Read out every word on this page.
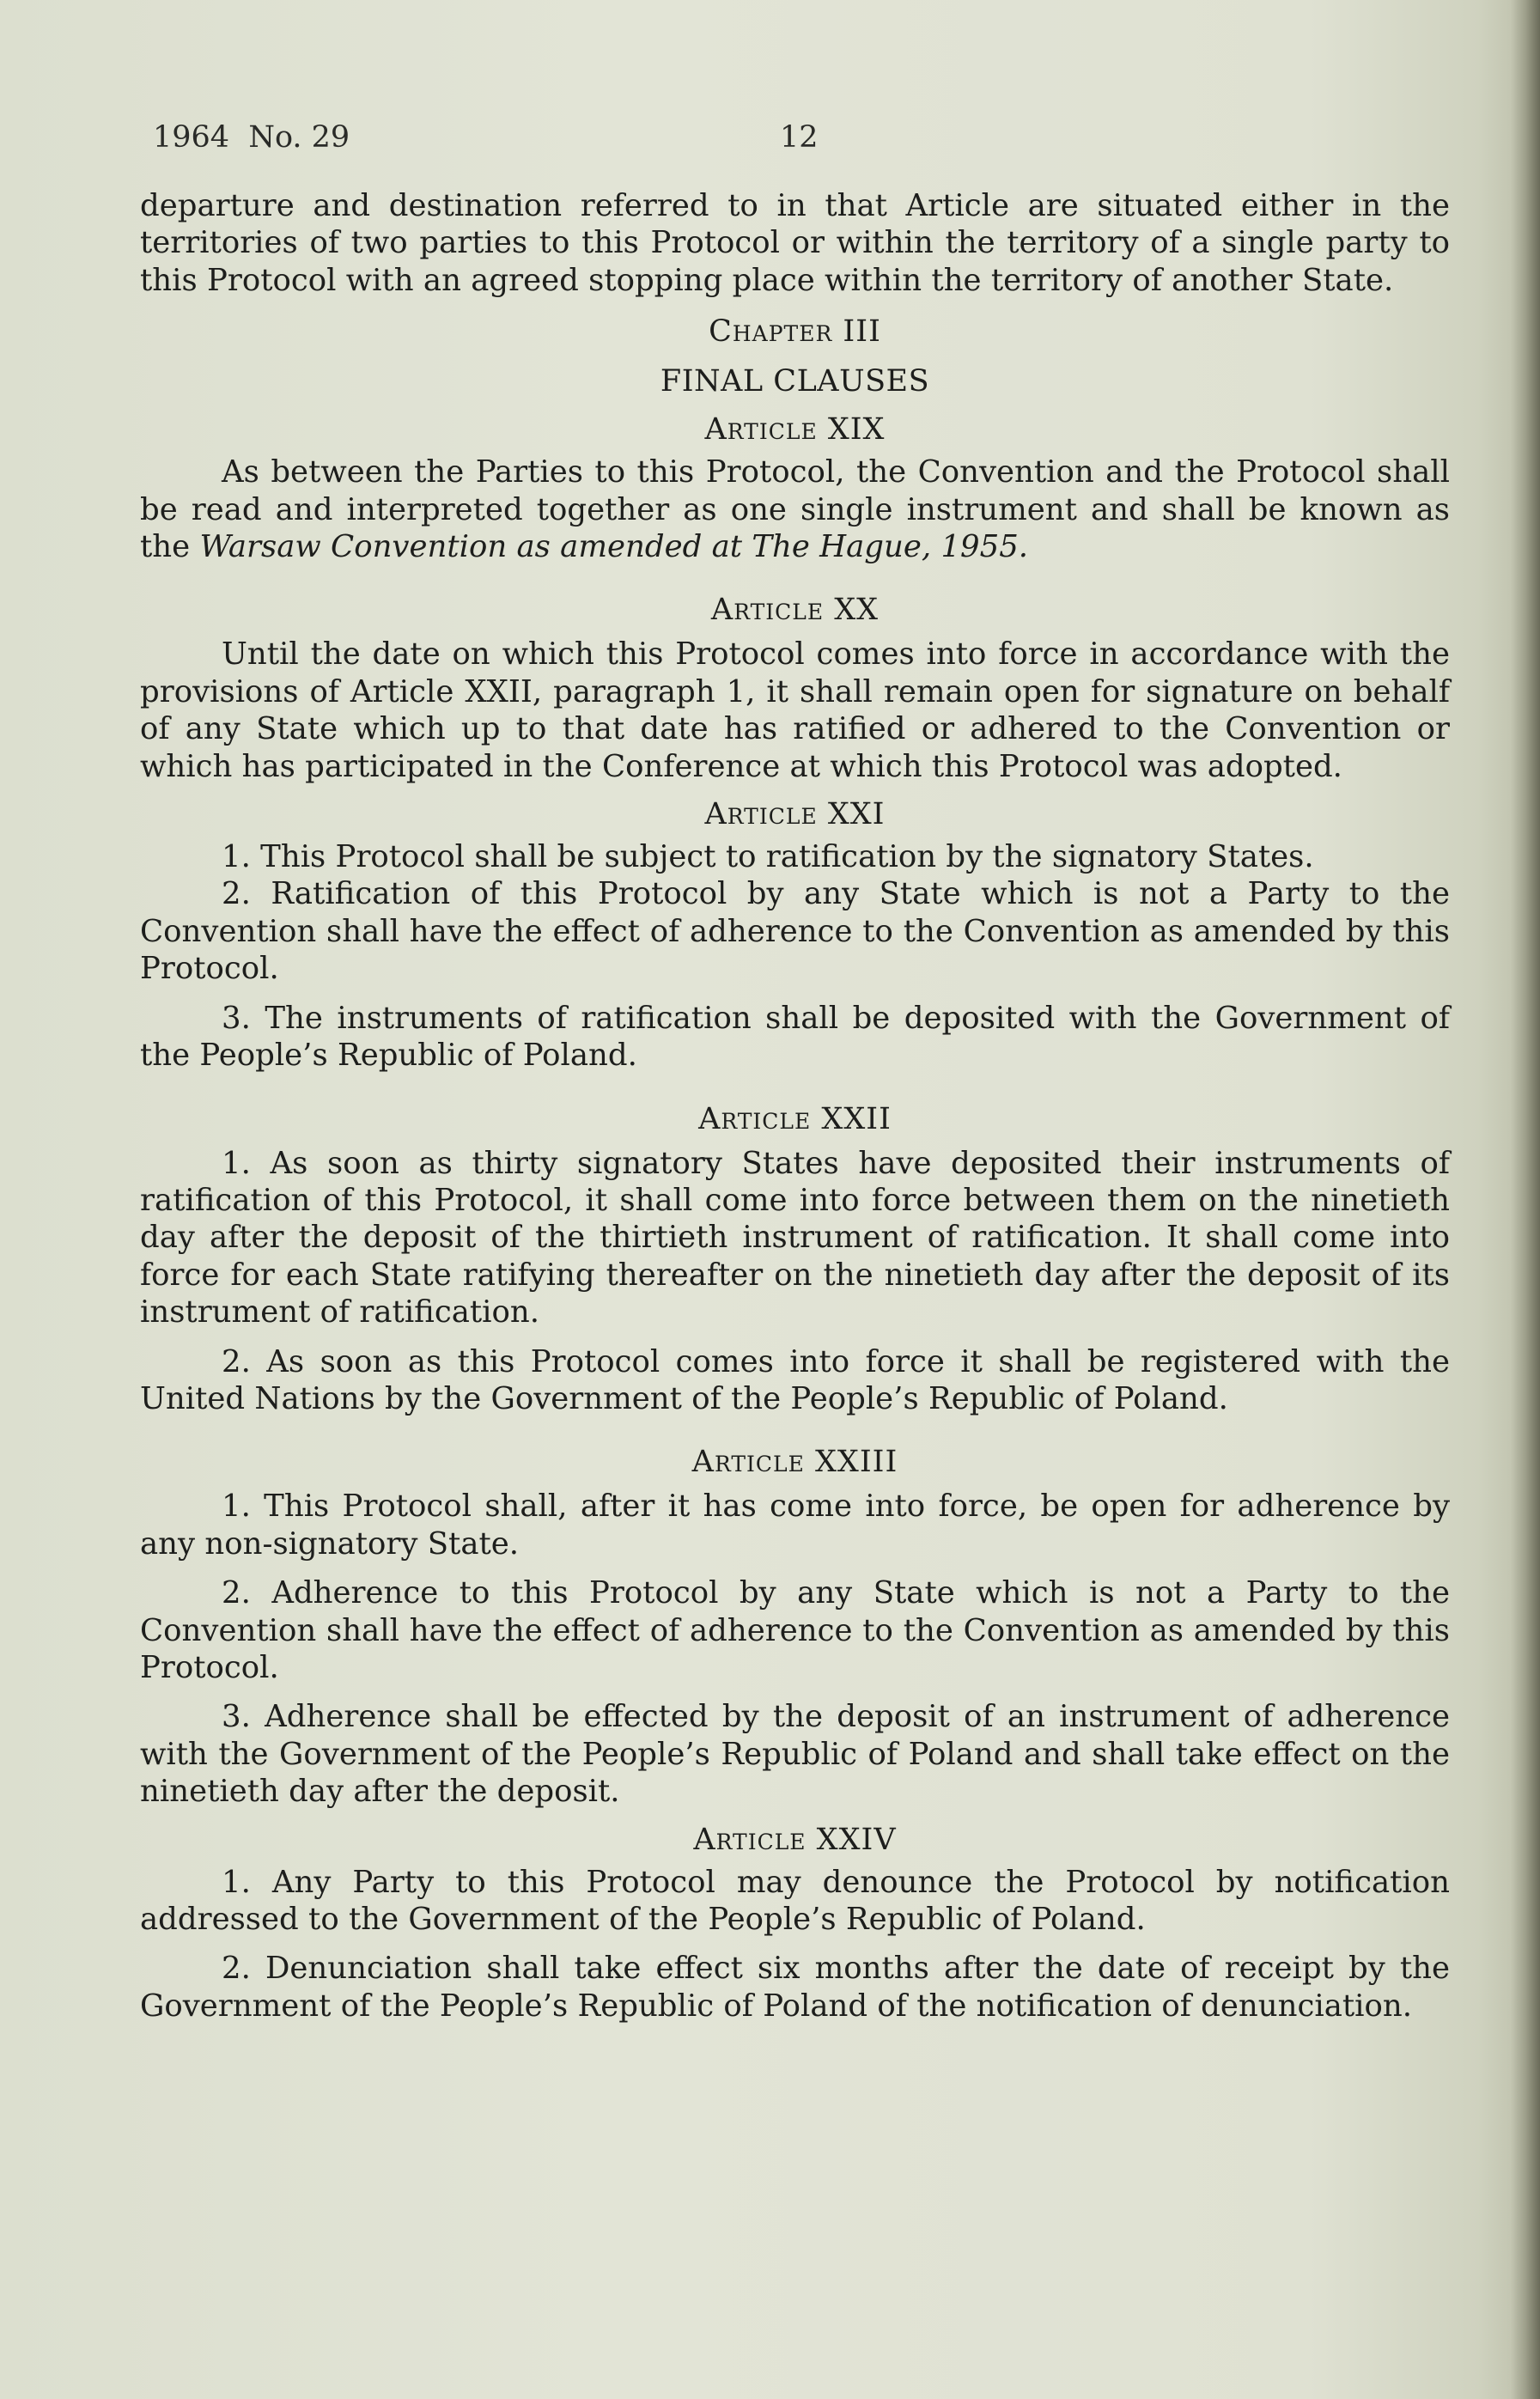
1964  No. 29	12

departure and destination referred to in that Article are situated either in the territories of two parties to this Protocol or within the territory of a single party to this Protocol with an agreed stopping place within the territory of another State.

Chapter III
FINAL CLAUSES
Article XIX

As between the Parties to this Protocol, the Convention and the Protocol shall be read and interpreted together as one single instrument and shall be known as the Warsaw Convention as amended at The Hague, 1955.

Article XX

Until the date on which this Protocol comes into force in accordance with the provisions of Article XXII, paragraph 1, it shall remain open for signature on behalf of any State which up to that date has ratified or adhered to the Convention or which has participated in the Conference at which this Protocol was adopted.

Article XXI

1. This Protocol shall be subject to ratification by the signatory States.

2. Ratification of this Protocol by any State which is not a Party to the Convention shall have the effect of adherence to the Convention as amended by this Protocol.

3. The instruments of ratification shall be deposited with the Government of the People’s Republic of Poland.

Article XXII

1. As soon as thirty signatory States have deposited their instruments of ratification of this Protocol, it shall come into force between them on the ninetieth day after the deposit of the thirtieth instrument of ratification. It shall come into force for each State ratifying thereafter on the ninetieth day after the deposit of its instrument of ratification.

2. As soon as this Protocol comes into force it shall be registered with the United Nations by the Government of the People’s Republic of Poland.

Article XXIII

1. This Protocol shall, after it has come into force, be open for adherence by any non-signatory State.

2. Adherence to this Protocol by any State which is not a Party to the Convention shall have the effect of adherence to the Convention as amended by this Protocol.

3. Adherence shall be effected by the deposit of an instrument of adherence with the Government of the People’s Republic of Poland and shall take effect on the ninetieth day after the deposit.

Article XXIV

1. Any Party to this Protocol may denounce the Protocol by notification addressed to the Government of the People’s Republic of Poland.

2. Denunciation shall take effect six months after the date of receipt by the Government of the People’s Republic of Poland of the notification of denunciation.
